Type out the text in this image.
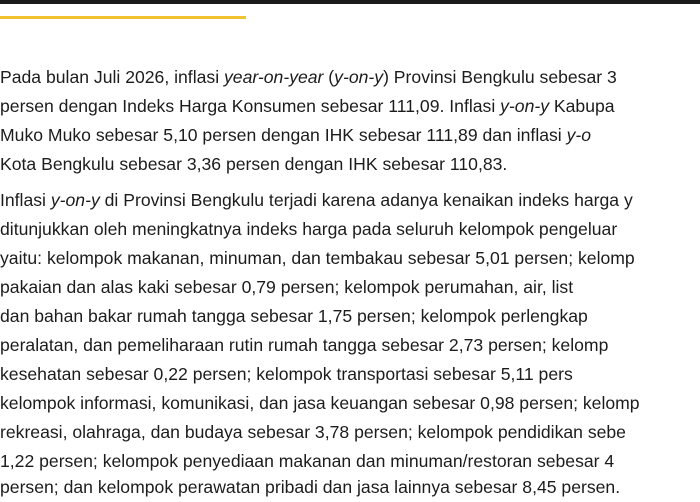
Pada bulan Juli 2026, inflasi year-on-year (y-on-y) Provinsi Bengkulu sebesar 3
persen dengan Indeks Harga Konsumen sebesar 111,09. Inflasi y-on-y Kabupa
Muko Muko sebesar 5,10 persen dengan IHK sebesar 111,89 dan inflasi y-o
Kota Bengkulu sebesar 3,36 persen dengan IHK sebesar 110,83.
Inflasi y-on-y di Provinsi Bengkulu terjadi karena adanya kenaikan indeks harga y
ditunjukkan oleh meningkatnya indeks harga pada seluruh kelompok pengeluar
yaitu: kelompok makanan, minuman, dan tembakau sebesar 5,01 persen; kelomp
pakaian dan alas kaki sebesar 0,79 persen; kelompok perumahan, air, list
dan bahan bakar rumah tangga sebesar 1,75 persen; kelompok perlengkap
peralatan, dan pemeliharaan rutin rumah tangga sebesar 2,73 persen; kelomp
kesehatan sebesar 0,22 persen; kelompok transportasi sebesar 5,11 pers
kelompok informasi, komunikasi, dan jasa keuangan sebesar 0,98 persen; kelomp
rekreasi, olahraga, dan budaya sebesar 3,78 persen; kelompok pendidikan sebe
1,22 persen; kelompok penyediaan makanan dan minuman/restoran sebesar 4
persen; dan kelompok perawatan pribadi dan jasa lainnya sebesar 8,45 persen.
